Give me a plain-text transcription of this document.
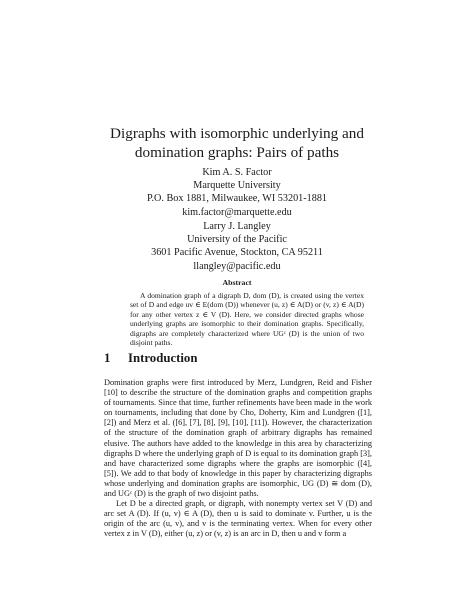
Digraphs with isomorphic underlying and
domination graphs: Pairs of paths
Kim A. S. Factor
Marquette University
P.O. Box 1881, Milwaukee, WI 53201-1881
kim.factor@marquette.edu
Larry J. Langley
University of the Pacific
3601 Pacific Avenue, Stockton, CA 95211
llangley@pacific.edu
Abstract

A domination graph of a digraph D, dom (D), is created using the vertex set of D and edge uv ∈ E(dom (D)) whenever (u, z) ∈ A(D) or (v, z) ∈ A(D) for any other vertex z ∈ V (D). Here, we consider directed graphs whose underlying graphs are isomorphic to their domination graphs. Specifically, digraphs are completely characterized where UGᶜ (D) is the union of two disjoint paths.

1 Introduction

Domination graphs were first introduced by Merz, Lundgren, Reid and Fisher [10] to describe the structure of the domination graphs and competition graphs of tournaments. Since that time, further refinements have been made in the work on tournaments, including that done by Cho, Doherty, Kim and Lundgren ([1], [2]) and Merz et al. ([6], [7], [8], [9], [10], [11]). However, the characterization of the structure of the domination graph of arbitrary digraphs has remained elusive. The authors have added to the knowledge in this area by characterizing digraphs D where the underlying graph of D is equal to its domination graph [3], and have characterized some digraphs where the graphs are isomorphic ([4], [5]). We add to that body of knowledge in this paper by characterizing digraphs whose underlying and domination graphs are isomorphic, UG (D) ≅ dom (D), and UGᶜ (D) is the graph of two disjoint paths.

Let D be a directed graph, or digraph, with nonempty vertex set V (D) and arc set A (D). If (u, v) ∈ A (D), then u is said to dominate v. Further, u is the origin of the arc (u, v), and v is the terminating vertex. When for every other vertex z in V (D), either (u, z) or (v, z) is an arc in D, then u and v form a
